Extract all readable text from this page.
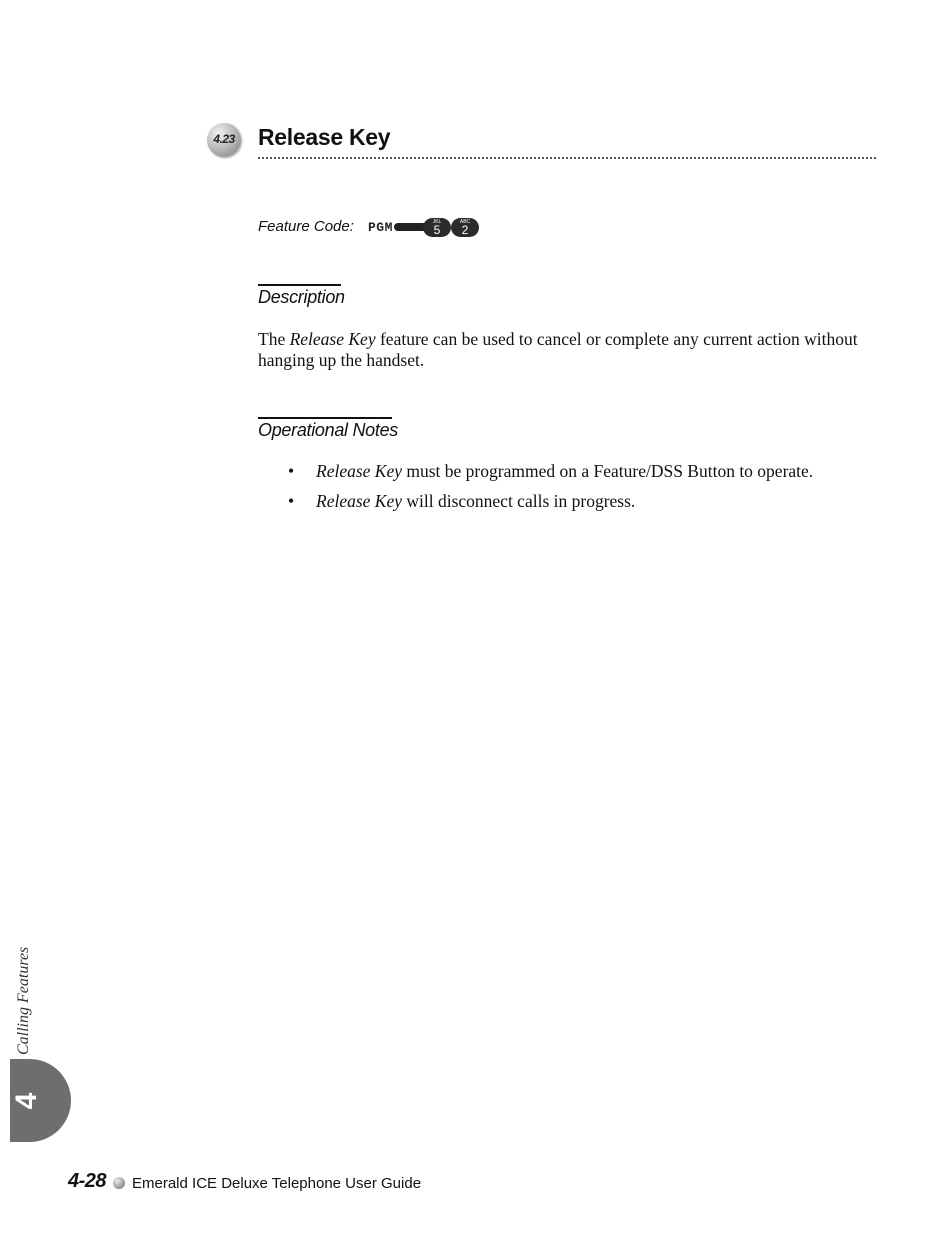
4.23 Release Key
Feature Code: PGM	JKL
5
ABC
2
Description
The Release Key feature can be used to cancel or complete any current action without hanging up the handset.
Operational Notes
• Release Key must be programmed on a Feature/DSS Button to operate.
• Release Key will disconnect calls in progress.
Calling Features
4
4-28 Emerald ICE Deluxe Telephone User Guide
